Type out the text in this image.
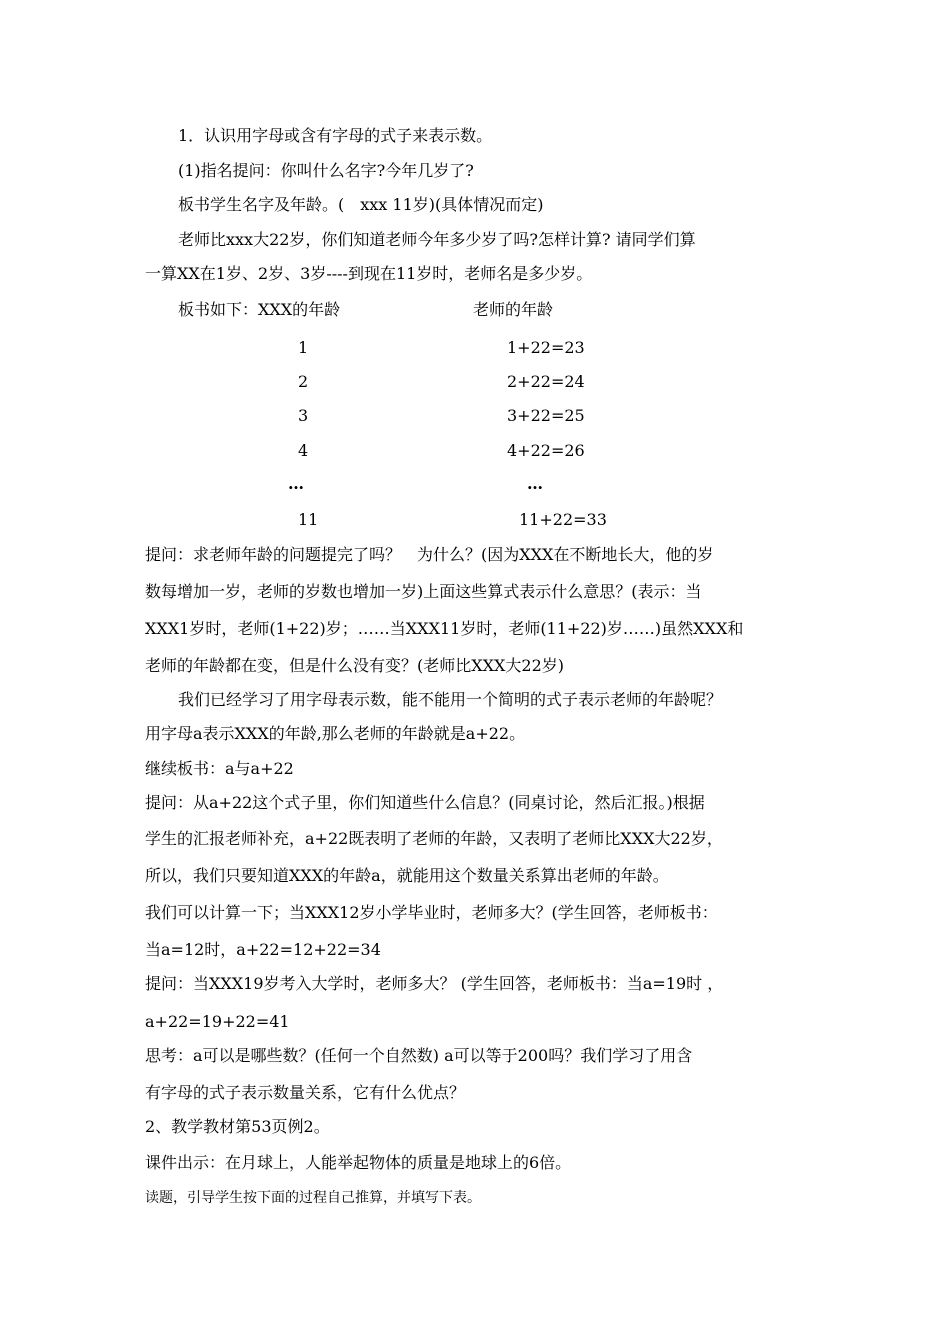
1．认识用字母或含有字母的式子来表示数。
(1)指名提问：你叫什么名字?今年几岁了?
板书学生名字及年龄。(　xxx 11岁)(具体情况而定)
老师比xxx大22岁，你们知道老师今年多少岁了吗?怎样计算? 请同学们算
一算XX在1岁、2岁、3岁----到现在11岁时，老师名是多少岁。
板书如下：XXX的年龄	老师的年龄
1	1+22=23
2	2+22=24
3	3+22=25
4	4+22=26
…	…
11	11+22=33
提问：求老师年龄的问题提完了吗？　为什么？(因为XXX在不断地长大，他的岁
数每增加一岁，老师的岁数也增加一岁)上面这些算式表示什么意思？(表示：当
XXX1岁时，老师(1+22)岁；……当XXX11岁时，老师(11+22)岁……)虽然XXX和
老师的年龄都在变，但是什么没有变？(老师比XXX大22岁)
我们已经学习了用字母表示数，能不能用一个简明的式子表示老师的年龄呢？
用字母a表示XXX的年龄,那么老师的年龄就是a+22。
继续板书：a与a+22
提问：从a+22这个式子里，你们知道些什么信息？(同桌讨论，然后汇报。)根据
学生的汇报老师补充，a+22既表明了老师的年龄，又表明了老师比XXX大22岁，
所以，我们只要知道XXX的年龄a，就能用这个数量关系算出老师的年龄。
我们可以计算一下；当XXX12岁小学毕业时，老师多大？(学生回答，老师板书：
当a=12时，a+22=12+22=34
提问：当XXX19岁考入大学时，老师多大？ (学生回答，老师板书：当a=19时 ，
a+22=19+22=41
思考：a可以是哪些数？(任何一个自然数) a可以等于200吗？我们学习了用含
有字母的式子表示数量关系，它有什么优点？
2、教学教材第53页例2。
课件出示：在月球上，人能举起物体的质量是地球上的6倍。
读题，引导学生按下面的过程自己推算，并填写下表。
